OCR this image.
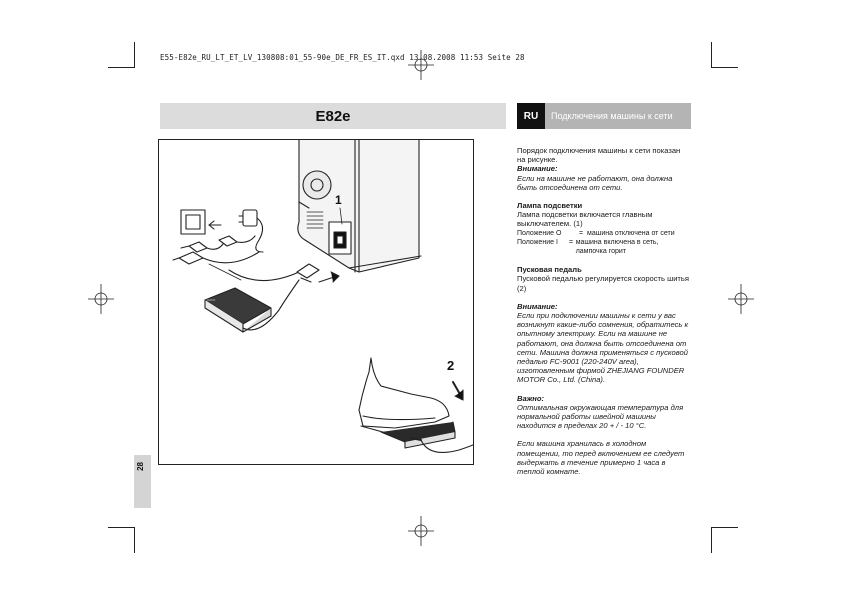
E55-E82e_RU_LT_ET_LV_130808:01_55-90e_DE_FR_ES_IT.qxd 13.08.2008 11:53 Seite 28
E82e	RU	Подключения машины к сети
28
1
2

Порядок подключения машины к сети показан на рисунке.

Внимание:

Если на машине не работают, она должна быть отсоединена от сети.

Лампа подсветки

Лампа подсветки включается главным выключателем. (1)

Положение O	= машина отключена от сети
Положение I	= машина включена в сеть, лампочка горит

Пусковая педаль

Пусковой педалью регулируется скорость шитья (2)

Внимание:

Если при подключении машины к сети у вас возникнут какие-либо сомнения, обратитесь к опытному электрику. Если на машине не работают, она должна быть отсоединена от сети. Машина должна применяться с пусковой педалью FC-9001 (220-240V area), изготовленным фирмой ZHEJIANG FOUNDER MOTOR Co., Ltd. (China).

Важно:

Оптимальная окружающая температура для нормальной работы швейной машины находится в пределах 20 + / - 10 °C.

Если машина хранилась в холодном помещении, то перед включением ее следует выдержать в течение примерно 1 часа в теплой комнате.
